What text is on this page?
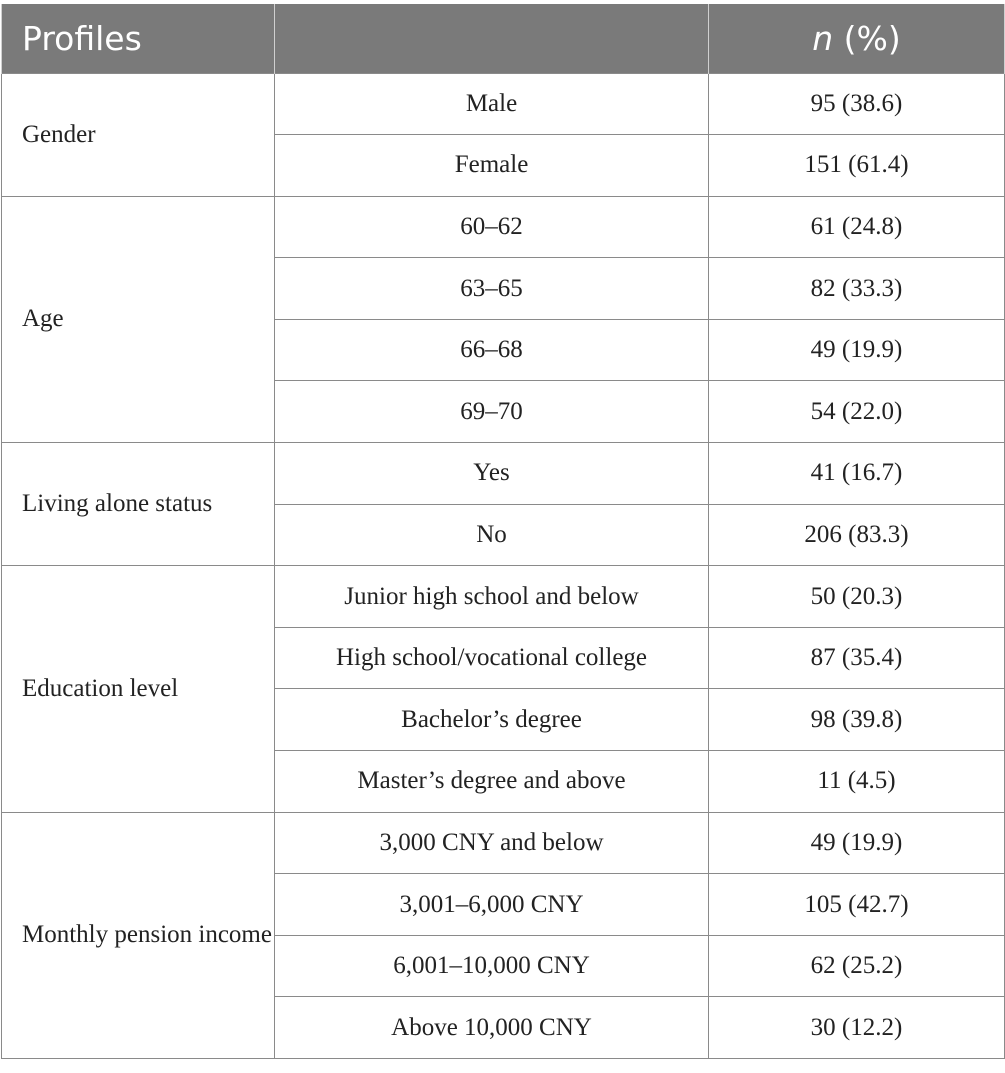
Profiles		n (%)
Gender	Male	95 (38.6)
	Female	151 (61.4)
Age	60–62	61 (24.8)
	63–65	82 (33.3)
	66–68	49 (19.9)
	69–70	54 (22.0)
Living alone status	Yes	41 (16.7)
	No	206 (83.3)
Education level	Junior high school and below	50 (20.3)
	High school/vocational college	87 (35.4)
	Bachelor’s degree	98 (39.8)
	Master’s degree and above	11 (4.5)
Monthly pension income	3,000 CNY and below	49 (19.9)
	3,001–6,000 CNY	105 (42.7)
	6,001–10,000 CNY	62 (25.2)
	Above 10,000 CNY	30 (12.2)
